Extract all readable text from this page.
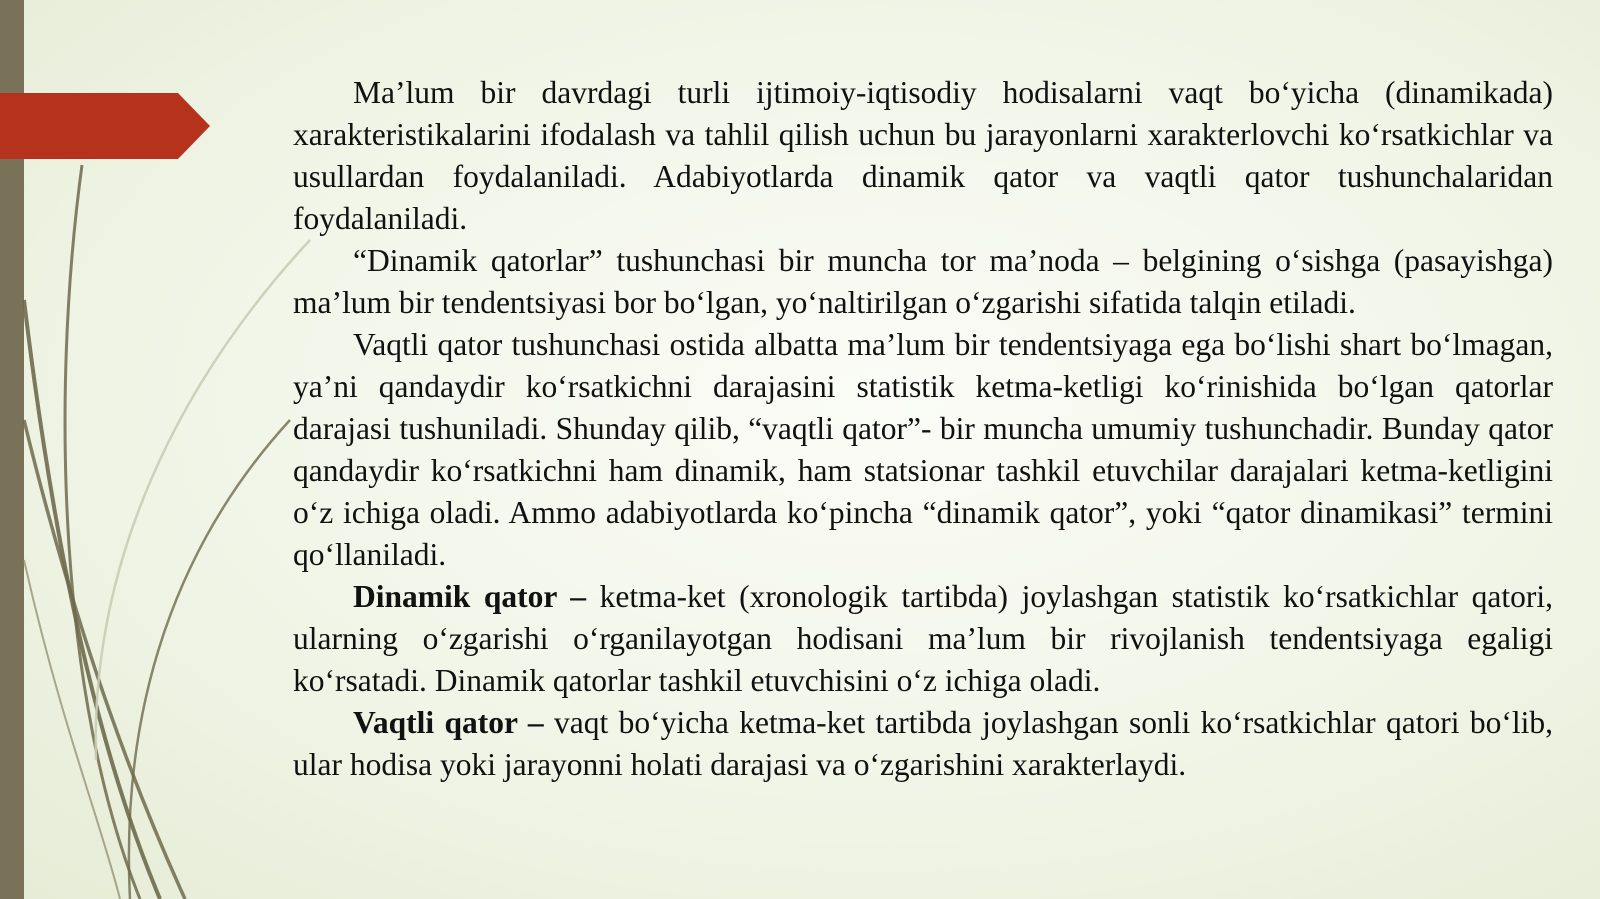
Ma’lum bir davrdagi turli ijtimoiy-iqtisodiy hodisalarni vaqt bo‘yicha (dinamikada) xarakteristikalarini ifodalash va tahlil qilish uchun bu jarayonlarni xarakterlovchi ko‘rsatkichlar va usullardan foydalaniladi. Adabiyotlarda dinamik qator va vaqtli qator tushunchalaridan foydalaniladi.

“Dinamik qatorlar” tushunchasi bir muncha tor ma’noda – belgining o‘sishga (pasayishga) ma’lum bir tendentsiyasi bor bo‘lgan, yo‘naltirilgan o‘zgarishi sifatida talqin etiladi.

Vaqtli qator tushunchasi ostida albatta ma’lum bir tendentsiyaga ega bo‘lishi shart bo‘lmagan, ya’ni qandaydir ko‘rsatkichni darajasini statistik ketma-ketligi ko‘rinishida bo‘lgan qatorlar darajasi tushuniladi. Shunday qilib, “vaqtli qator”- bir muncha umumiy tushunchadir. Bunday qator qandaydir ko‘rsatkichni ham dinamik, ham statsionar tashkil etuvchilar darajalari ketma-ketligini o‘z ichiga oladi. Ammo adabiyotlarda ko‘pincha “dinamik qator”, yoki “qator dinamikasi” termini qo‘llaniladi.

Dinamik qator – ketma-ket (xronologik tartibda) joylashgan statistik ko‘rsatkichlar qatori, ularning o‘zgarishi o‘rganilayotgan hodisani ma’lum bir rivojlanish tendentsiyaga egaligi ko‘rsatadi. Dinamik qatorlar tashkil etuvchisini o‘z ichiga oladi.

Vaqtli qator – vaqt bo‘yicha ketma-ket tartibda joylashgan sonli ko‘rsatkichlar qatori bo‘lib, ular hodisa yoki jarayonni holati darajasi va o‘zgarishini xarakterlaydi.
